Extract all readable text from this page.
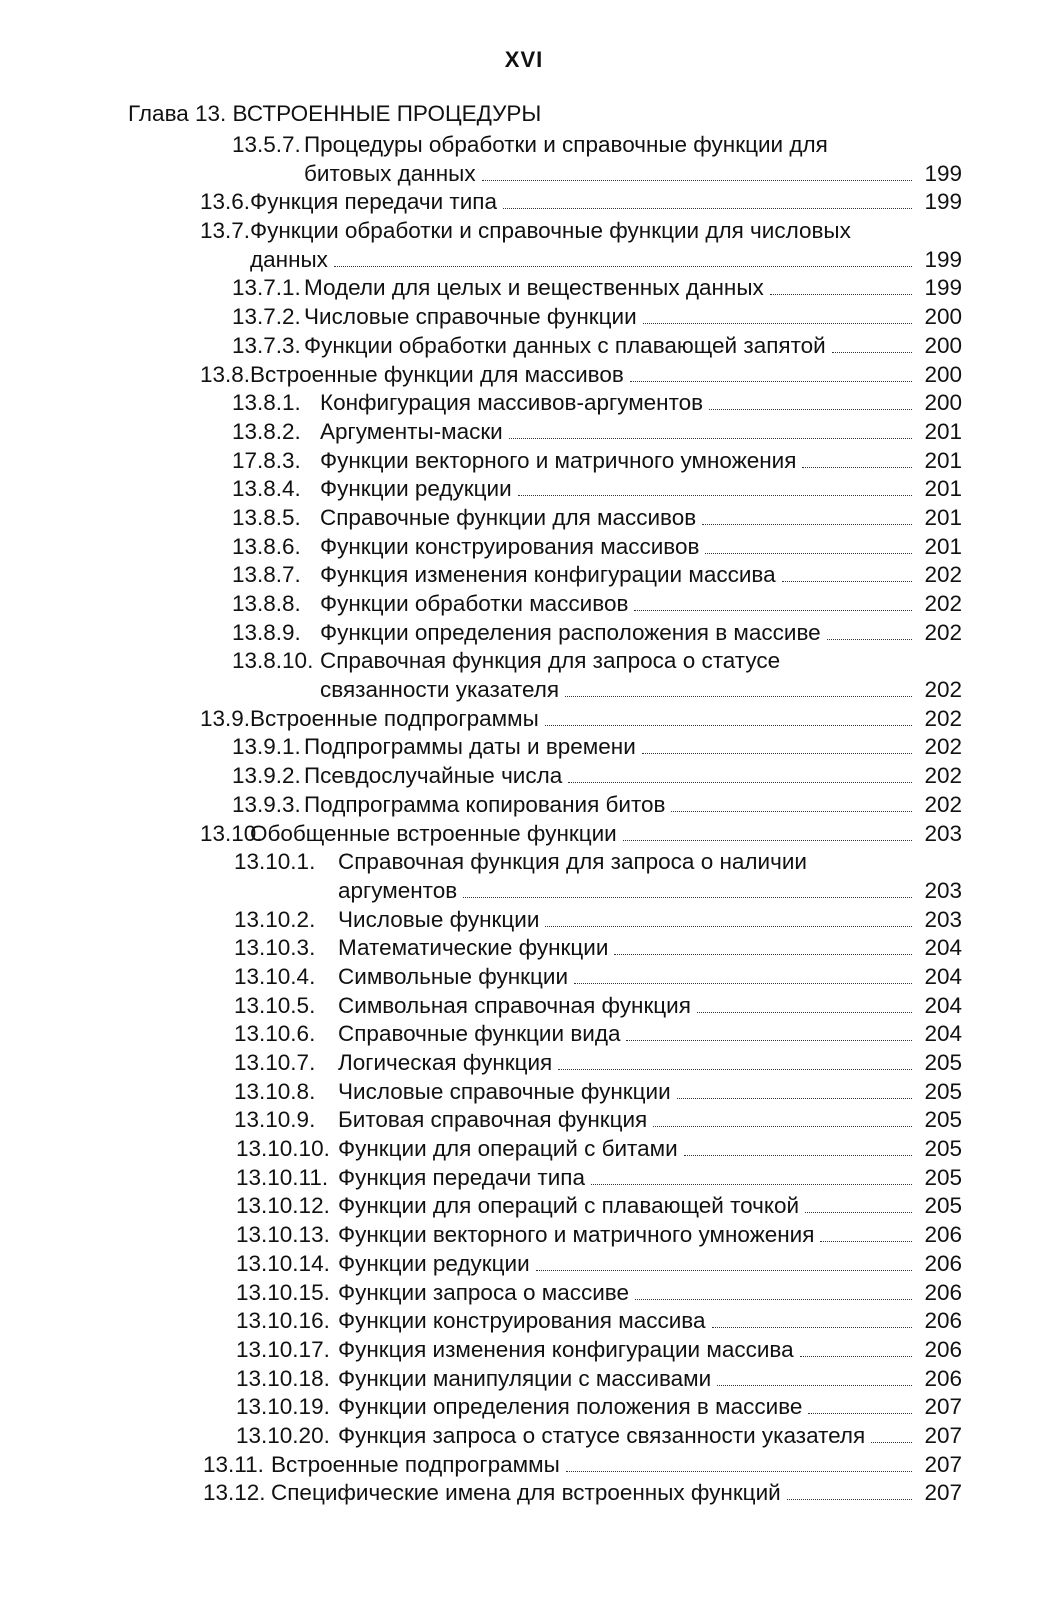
XVI
Глава 13. ВСТРОЕННЫЕ ПРОЦЕДУРЫ
13.5.7. Процедуры обработки и справочные функции для
битовых данных	199
13.6. Функция передачи типа	199
13.7. Функции обработки и справочные функции для числовых
данных	199
13.7.1. Модели для целых и вещественных данных	199
13.7.2. Числовые справочные функции	200
13.7.3. Функции обработки данных с плавающей запятой	200
13.8. Встроенные функции для массивов	200
13.8.1. Конфигурация массивов-аргументов	200
13.8.2. Аргументы-маски	201
17.8.3. Функции векторного и матричного умножения	201
13.8.4. Функции редукции	201
13.8.5. Справочные функции для массивов	201
13.8.6. Функции конструирования массивов	201
13.8.7. Функция изменения конфигурации массива	202
13.8.8. Функции обработки массивов	202
13.8.9. Функции определения расположения в массиве	202
13.8.10. Справочная функция для запроса о статусе
связанности указателя	202
13.9. Встроенные подпрограммы	202
13.9.1. Подпрограммы даты и времени	202
13.9.2. Псевдослучайные числа	202
13.9.3. Подпрограмма копирования битов	202
13.10.
Обобщенные встроенные функции	203
13.10.1.	Справочная функция для запроса о наличии
аргументов	203
13.10.2.	Числовые функции	203
13.10.3.	Математические функции	204
13.10.4.	Символьные функции	204
13.10.5.	Символьная справочная функция	204
13.10.6.	Справочные функции вида	204
13.10.7.	Логическая функция	205
13.10.8.	Числовые справочные функции	205
13.10.9.	Битовая справочная функция	205
13.10.10. Функции для операций с битами	205
13.10.11. Функция передачи типа	205
13.10.12. Функции для операций с плавающей точкой	205
13.10.13. Функции векторного и матричного умножения	206
13.10.14. Функции редукции	206
13.10.15. Функции запроса о массиве	206
13.10.16. Функции конструирования массива	206
13.10.17. Функция изменения конфигурации массива	206
13.10.18. Функции манипуляции с массивами	206
13.10.19. Функции определения положения в массиве	207
13.10.20. Функция запроса о статусе связанности указателя	207
13.11. Встроенные подпрограммы	207
13.12. Специфические имена для встроенных функций	207
